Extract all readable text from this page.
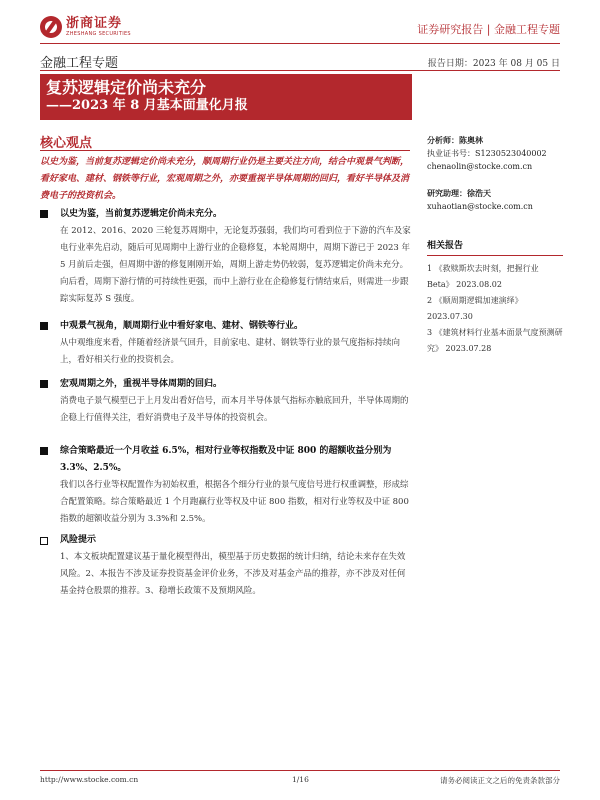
浙商证券
ZHESHANG SECURITIES	证券研究报告 | 金融工程专题
金融工程专题	报告日期：2023 年 08 月 05 日
复苏逻辑定价尚未充分
——2023 年 8 月基本面量化月报
核心观点
以史为鉴，当前复苏逻辑定价尚未充分，顺周期行业仍是主要关注方向，结合中观景气判断，看好家电、建材、钢铁等行业，宏观周期之外，亦要重视半导体周期的回归，看好半导体及消费电子的投资机会。
以史为鉴，当前复苏逻辑定价尚未充分。
在 2012、2016、2020 三轮复苏周期中，无论复苏强弱，我们均可看到位于下游的汽车及家电行业率先启动，随后可见周期中上游行业的企稳修复，本轮周期中，周期下游已于 2023 年 5 月前后走强，但周期中游的修复刚刚开始，周期上游走势仍较弱，复苏逻辑定价尚未充分。向后看，周期下游行情的可持续性更强，而中上游行业在企稳修复行情结束后，则需进一步跟踪实际复苏 S 强度。
中观景气视角，顺周期行业中看好家电、建材、钢铁等行业。
从中观维度来看，伴随着经济景气回升，目前家电、建材、钢铁等行业的景气度指标持续向上，看好相关行业的投资机会。
宏观周期之外，重视半导体周期的回归。
消费电子景气模型已于上月发出看好信号，而本月半导体景气指标亦触底回升，半导体周期的企稳上行值得关注，看好消费电子及半导体的投资机会。
综合策略最近一个月收益 6.5%，相对行业等权指数及中证 800 的超额收益分别为 3.3%、2.5%。
我们以各行业等权配置作为初始权重，根据各个细分行业的景气度信号进行权重调整，形成综合配置策略。综合策略最近 1 个月跑赢行业等权及中证 800 指数，相对行业等权及中证 800 指数的超额收益分别为 3.3%和 2.5%。
风险提示
1、本文板块配置建议基于量化模型得出，模型基于历史数据的统计归纳，结论未来存在失效风险。2、本报告不涉及证券投资基金评价业务，不涉及对基金产品的推荐，亦不涉及对任何基金持仓股票的推荐。3、稳增长政策不及预期风险。
分析师：陈奥林
执业证书号：S1230523040002
chenaolin@stocke.com.cn
研究助理：徐浩天
xuhaotian@stocke.com.cn
相关报告
1 《救赎斯坎去时刻，把握行业 Beta》 2023.08.02
2 《顺周期逻辑加速演绎》 2023.07.30
3 《建筑材料行业基本面景气度预测研究》 2023.07.28
http://www.stocke.com.cn	1/16	请务必阅读正文之后的免责条款部分
